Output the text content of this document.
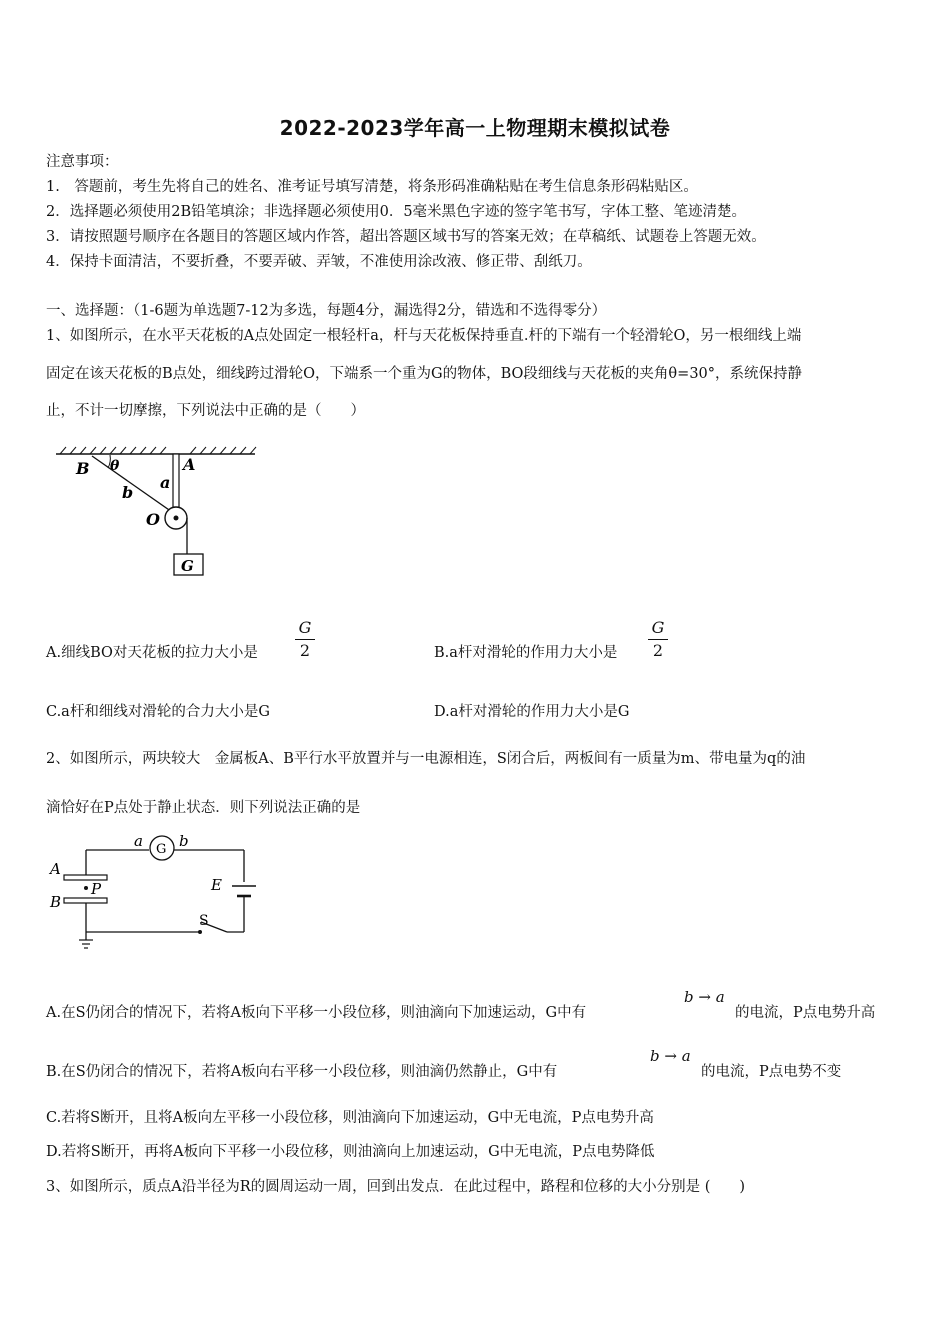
2022-2023学年高一上物理期末模拟试卷
注意事项：
1.　答题前，考生先将自己的姓名、准考证号填写清楚，将条形码准确粘贴在考生信息条形码粘贴区。
2．选择题必须使用2B铅笔填涂；非选择题必须使用0．5毫米黑色字迹的签字笔书写，字体工整、笔迹清楚。
3．请按照题号顺序在各题目的答题区域内作答，超出答题区域书写的答案无效；在草稿纸、试题卷上答题无效。
4．保持卡面清洁，不要折叠，不要弄破、弄皱，不准使用涂改液、修正带、刮纸刀。
一、选择题：（1-6题为单选题7-12为多选，每题4分，漏选得2分，错选和不选得零分）
1、如图所示，在水平天花板的A点处固定一根轻杆a，杆与天花板保持垂直.杆的下端有一个轻滑轮O，另一根细线上端
固定在该天花板的B点处，细线跨过滑轮O，下端系一个重为G的物体，BO段细线与天花板的夹角θ=30°，系统保持静
止，不计一切摩擦，下列说法中正确的是（　　）
B θ	A
b
a
O
G
A.细线BO对天花板的拉力大小是
G
2	B.a杆对滑轮的作用力大小是
G
2
C.a杆和细线对滑轮的合力大小是G	D.a杆对滑轮的作用力大小是G
2、如图所示，两块较大　金属板A、B平行水平放置并与一电源相连，S闭合后，两板间有一质量为m、带电量为q的油
滴恰好在P点处于静止状态．则下列说法正确的是
a G b
A
P
B
E
S
A.在S仍闭合的情况下，若将A板向下平移一小段位移，则油滴向下加速运动，G中有
b → a
的电流，P点电势升高
B.在S仍闭合的情况下，若将A板向右平移一小段位移，则油滴仍然静止，G中有
b → a
的电流，P点电势不变
C.若将S断开，且将A板向左平移一小段位移，则油滴向下加速运动，G中无电流，P点电势升高
D.若将S断开，再将A板向下平移一小段位移，则油滴向上加速运动，G中无电流，P点电势降低
3、如图所示，质点A沿半径为R的圆周运动一周，回到出发点．在此过程中，路程和位移的大小分别是 (　　)
